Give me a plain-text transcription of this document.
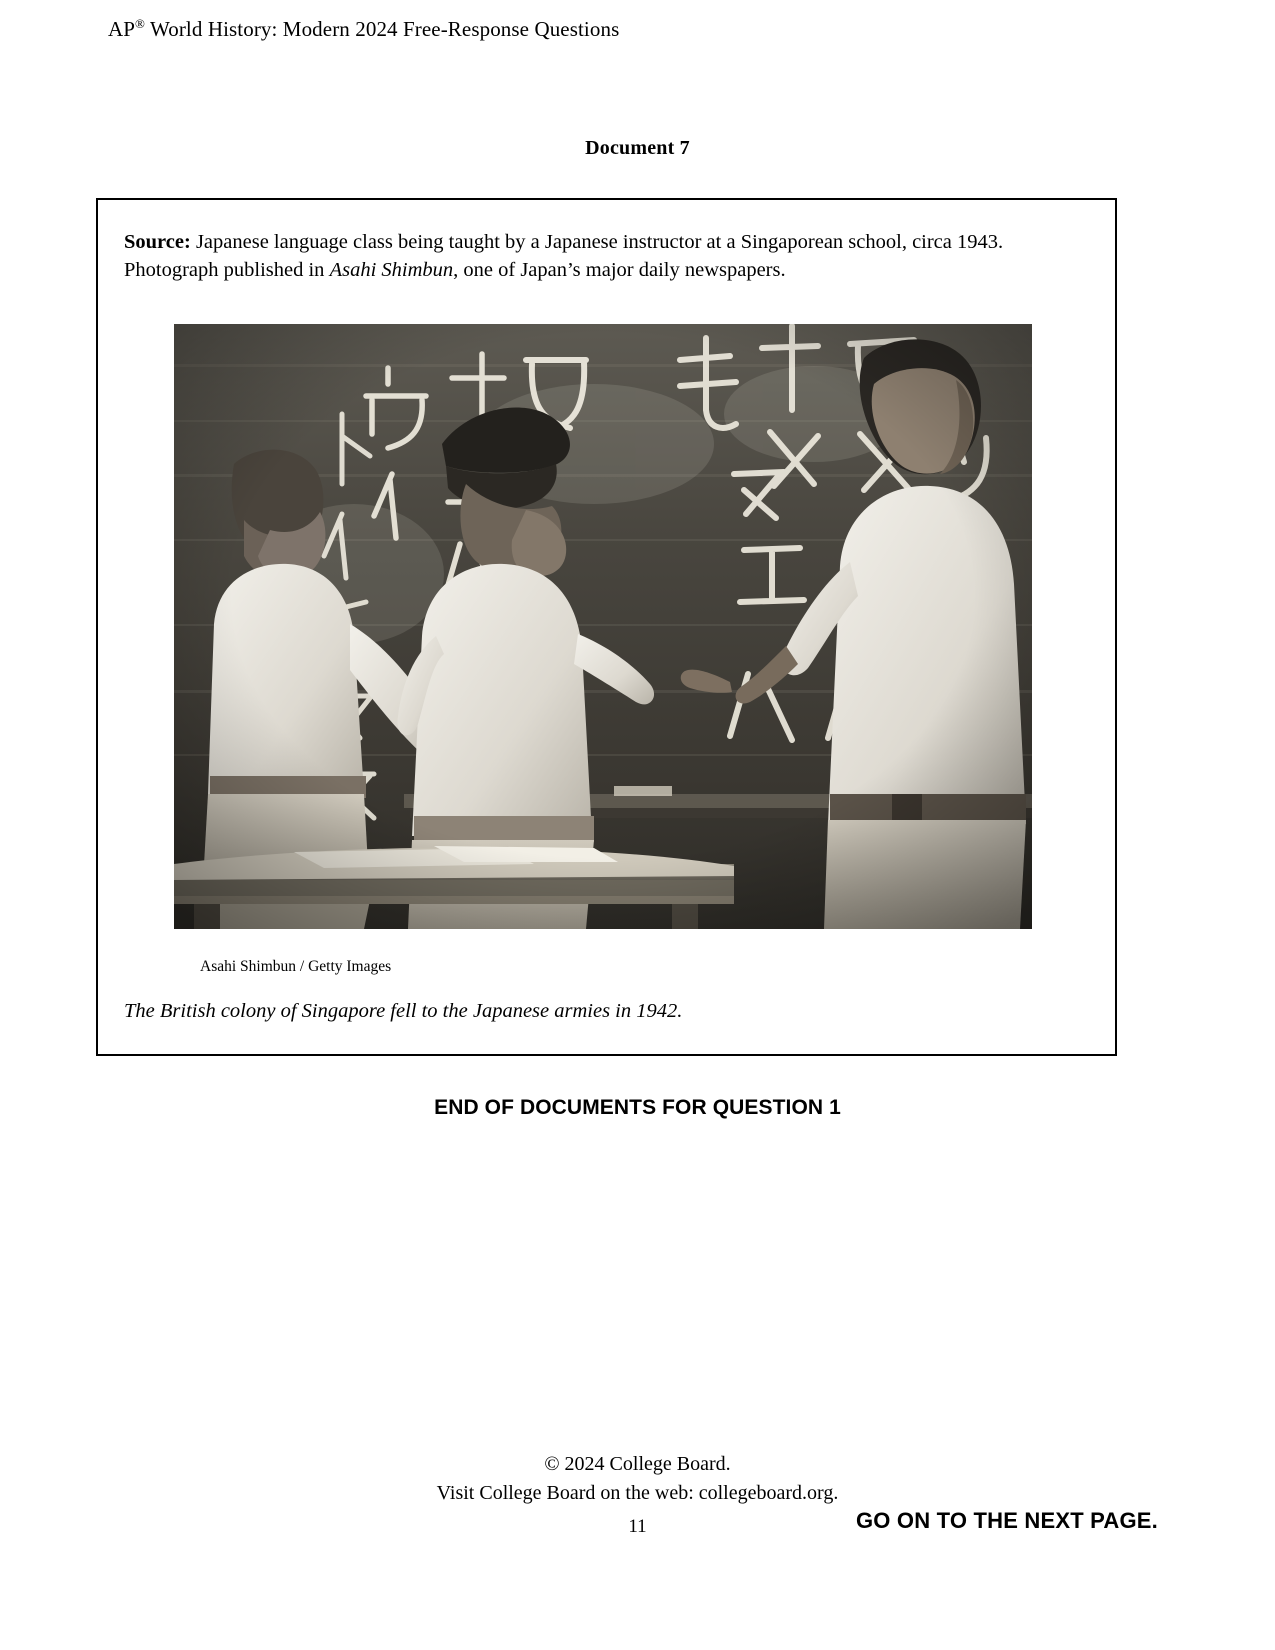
AP® World History: Modern 2024 Free-Response Questions
Document 7
Source: Japanese language class being taught by a Japanese instructor at a Singaporean school, circa 1943. Photograph published in Asahi Shimbun, one of Japan’s major daily newspapers.
Asahi Shimbun / Getty Images
The British colony of Singapore fell to the Japanese armies in 1942.
END OF DOCUMENTS FOR QUESTION 1
© 2024 College Board.
Visit College Board on the web: collegeboard.org.
11	GO ON TO THE NEXT PAGE.
